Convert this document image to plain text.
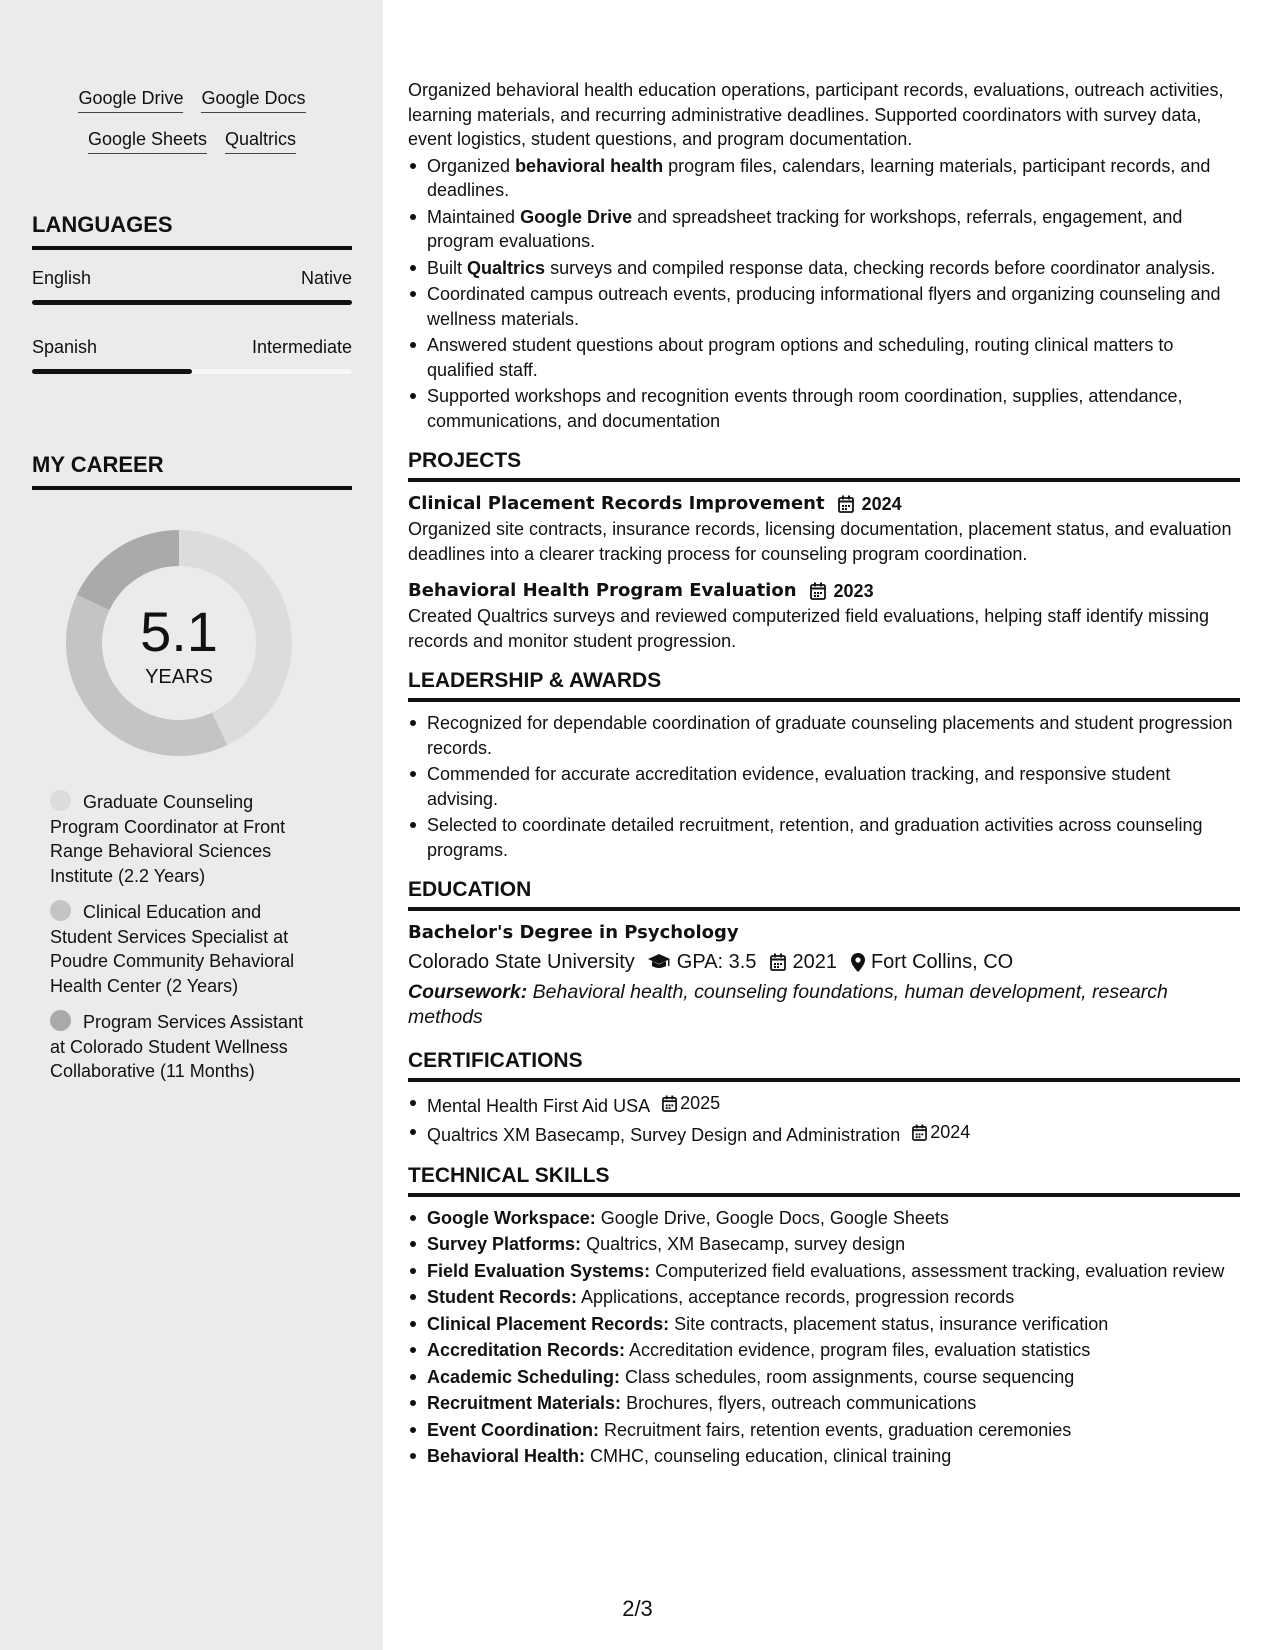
Google Drive Google Docs
Google Sheets Qualtrics
LANGUAGES
English	Native
Spanish	Intermediate
MY CAREER
5.1
YEARS
Graduate Counseling Program Coordinator at Front Range Behavioral Sciences Institute (2.2 Years)
Clinical Education and Student Services Specialist at Poudre Community Behavioral Health Center (2 Years)
Program Services Assistant at Colorado Student Wellness Collaborative (11 Months)

Organized behavioral health education operations, participant records, evaluations, outreach activities, learning materials, and recurring administrative deadlines. Supported coordinators with survey data, event logistics, student questions, and program documentation.

Organized behavioral health program files, calendars, learning materials, participant records, and deadlines.
Maintained Google Drive and spreadsheet tracking for workshops, referrals, engagement, and program evaluations.
Built Qualtrics surveys and compiled response data, checking records before coordinator analysis.
Coordinated campus outreach events, producing informational flyers and organizing counseling and wellness materials.
Answered student questions about program options and scheduling, routing clinical matters to qualified staff.
Supported workshops and recognition events through room coordination, supplies, attendance, communications, and documentation
PROJECTS
Clinical Placement Records Improvement 2024

Organized site contracts, insurance records, licensing documentation, placement status, and evaluation deadlines into a clearer tracking process for counseling program coordination.

Behavioral Health Program Evaluation 2023

Created Qualtrics surveys and reviewed computerized field evaluations, helping staff identify missing records and monitor student progression.

LEADERSHIP & AWARDS
Recognized for dependable coordination of graduate counseling placements and student progression records.
Commended for accurate accreditation evidence, evaluation tracking, and responsive student advising.
Selected to coordinate detailed recruitment, retention, and graduation activities across counseling programs.
EDUCATION
Bachelor's Degree in Psychology
Colorado State University GPA: 3.5 2021 Fort Collins, CO

Coursework: Behavioral health, counseling foundations, human development, research methods

CERTIFICATIONS
Mental Health First Aid USA 2025
Qualtrics XM Basecamp, Survey Design and Administration 2024
TECHNICAL SKILLS
Google Workspace: Google Drive, Google Docs, Google Sheets
Survey Platforms: Qualtrics, XM Basecamp, survey design
Field Evaluation Systems: Computerized field evaluations, assessment tracking, evaluation review
Student Records: Applications, acceptance records, progression records
Clinical Placement Records: Site contracts, placement status, insurance verification
Accreditation Records: Accreditation evidence, program files, evaluation statistics
Academic Scheduling: Class schedules, room assignments, course sequencing
Recruitment Materials: Brochures, flyers, outreach communications
Event Coordination: Recruitment fairs, retention events, graduation ceremonies
Behavioral Health: CMHC, counseling education, clinical training
2/3
